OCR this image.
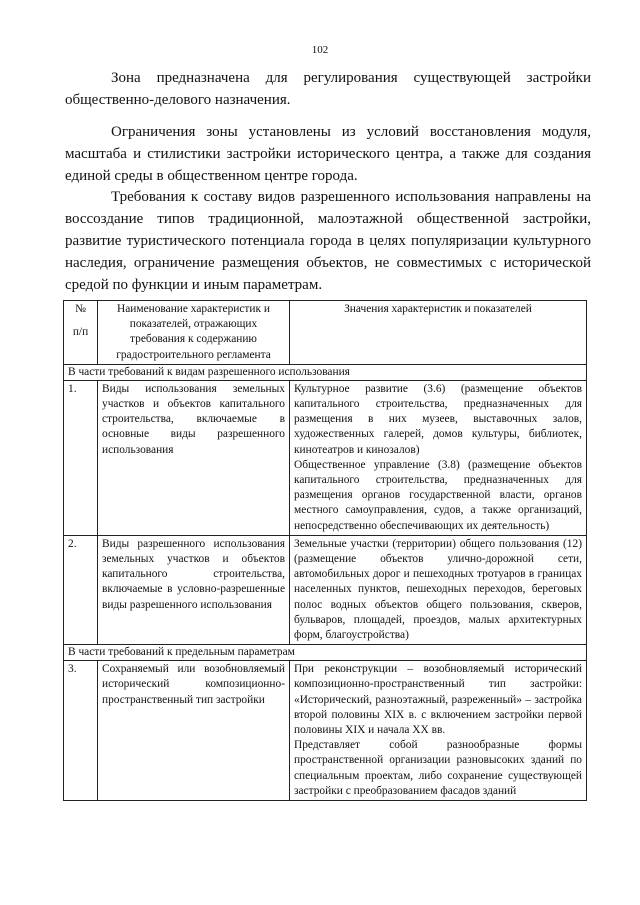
102

Зона предназначена для регулирования существующей застройки общественно-делового назначения.

Ограничения зоны установлены из условий восстановления модуля, масштаба и стилистики застройки исторического центра, а также для создания единой среды в общественном центре города.

Требования к составу видов разрешенного использования направлены на воссоздание типов традиционной, малоэтажной общественной застройки, развитие туристического потенциала города в целях популяризации культурного наследия, ограничение размещения объектов, не совместимых с исторической средой по функции и иным параметрам.

№
п/п	Наименование характеристик и показателей, отражающих требования к содержанию градостроительного регламента	Значения характеристик и показателей
В части требований к видам разрешенного использования		
1.	Виды использования земельных участков и объектов капитального строительства, включаемые в основные виды разрешенного использования	Культурное развитие (3.6) (размещение объектов капитального строительства, предназначенных для размещения в них музеев, выставочных залов, художественных галерей, домов культуры, библиотек, кинотеатров и кинозалов)
Общественное управление (3.8) (размещение объектов капитального строительства, предназначенных для размещения органов государственной власти, органов местного самоуправления, судов, а также организаций, непосредственно обеспечивающих их деятельность)

2.	Виды разрешенного использования земельных участков и объектов капитального строительства, включаемые в условно-разрешенные виды разрешенного использования	Земельные участки (территории) общего пользования (12) (размещение объектов улично-дорожной сети, автомобильных дорог и пешеходных тротуаров в границах населенных пунктов, пешеходных переходов, береговых полос водных объектов общего пользования, скверов, бульваров, площадей, проездов, малых архитектурных форм, благоустройства)

В части требований к предельным параметрам		
3.	Сохраняемый или возобновляемый исторический композиционно-пространственный тип застройки	При реконструкции – возобновляемый исторический композиционно-пространственный тип застройки: «Исторический, разноэтажный, разреженный» – застройка второй половины XIX в. с включением застройки первой половины XIX и начала XX вв.
Представляет собой разнообразные формы пространственной организации разновысоких зданий по специальным проектам, либо сохранение существующей застройки с преобразованием фасадов зданий
